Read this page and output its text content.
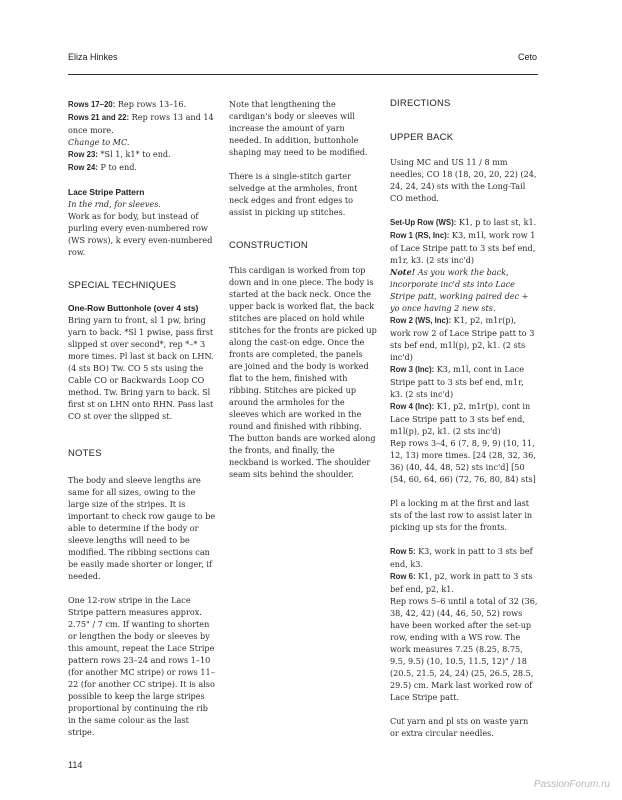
Eliza Hinkes	Ceto

Rows 17–20: Rep rows 13–16.

Rows 21 and 22: Rep rows 13 and 14 once more.

Change to MC.

Row 23: *Sl 1, k1* to end.

Row 24: P to end.

Lace Stripe Pattern

In the rnd, for sleeves.

Work as for body, but instead of purling every even-numbered row (WS rows), k every even-numbered row.

SPECIAL TECHNIQUES

One-Row Buttonhole (over 4 sts)

Bring yarn to front, sl 1 pw, bring yarn to back. *Sl 1 pwise, pass first slipped st over second*, rep *–* 3 more times. Pl last st back on LHN. (4 sts BO) Tw. CO 5 sts using the Cable CO or Backwards Loop CO method. Tw. Bring yarn to back. Sl first st on LHN onto RHN. Pass last CO st over the slipped st.

NOTES

The body and sleeve lengths are same for all sizes, owing to the large size of the stripes. It is important to check row gauge to be able to determine if the body or sleeve lengths will need to be modified. The ribbing sections can be easily made shorter or longer, if needed.

One 12-row stripe in the Lace Stripe pattern measures approx. 2.75" / 7 cm. If wanting to shorten or lengthen the body or sleeves by this amount, repeat the Lace Stripe pattern rows 23–24 and rows 1–10 (for another MC stripe) or rows 11–22 (for another CC stripe). It is also possible to keep the large stripes proportional by continuing the rib in the same colour as the last stripe.

Note that lengthening the cardigan's body or sleeves will increase the amount of yarn needed. In addition, buttonhole shaping may need to be modified.

There is a single-stitch garter selvedge at the armholes, front neck edges and front edges to assist in picking up stitches.

CONSTRUCTION

This cardigan is worked from top down and in one piece. The body is started at the back neck. Once the upper back is worked flat, the back stitches are placed on hold while stitches for the fronts are picked up along the cast-on edge. Once the fronts are completed, the panels are joined and the body is worked flat to the hem, finished with ribbing. Stitches are picked up around the armholes for the sleeves which are worked in the round and finished with ribbing. The button bands are worked along the fronts, and finally, the neckband is worked. The shoulder seam sits behind the shoulder.

DIRECTIONS

UPPER BACK

Using MC and US 11 / 8 mm needles, CO 18 (18, 20, 20, 22) (24, 24, 24, 24) sts with the Long-Tail CO method.

Set-Up Row (WS): K1, p to last st, k1.

Row 1 (RS, Inc): K3, m1l, work row 1 of Lace Stripe patt to 3 sts bef end, m1r, k3. (2 sts inc'd)

Note! As you work the back, incorporate inc'd sts into Lace Stripe patt, working paired dec + yo once having 2 new sts.

Row 2 (WS, Inc): K1, p2, m1r(p), work row 2 of Lace Stripe patt to 3 sts bef end, m1l(p), p2, k1. (2 sts inc'd)

Row 3 (Inc): K3, m1l, cont in Lace Stripe patt to 3 sts bef end, m1r, k3. (2 sts inc'd)

Row 4 (Inc): K1, p2, m1r(p), cont in Lace Stripe patt to 3 sts bef end, m1l(p), p2, k1. (2 sts inc'd)

Rep rows 3–4, 6 (7, 8, 9, 9) (10, 11, 12, 13) more times. [24 (28, 32, 36, 36) (40, 44, 48, 52) sts inc'd] [50 (54, 60, 64, 66) (72, 76, 80, 84) sts]

Pl a locking m at the first and last sts of the last row to assist later in picking up sts for the fronts.

Row 5: K3, work in patt to 3 sts bef end, k3.

Row 6: K1, p2, work in patt to 3 sts bef end, p2, k1.

Rep rows 5–6 until a total of 32 (36, 38, 42, 42) (44, 46, 50, 52) rows have been worked after the set-up row, ending with a WS row. The work measures 7.25 (8.25, 8.75, 9.5, 9.5) (10, 10.5, 11.5, 12)" / 18 (20.5, 21.5, 24, 24) (25, 26.5, 28.5, 29.5) cm. Mark last worked row of Lace Stripe patt.

Cut yarn and pl sts on waste yarn or extra circular needles.

114
PassionForum.ru
